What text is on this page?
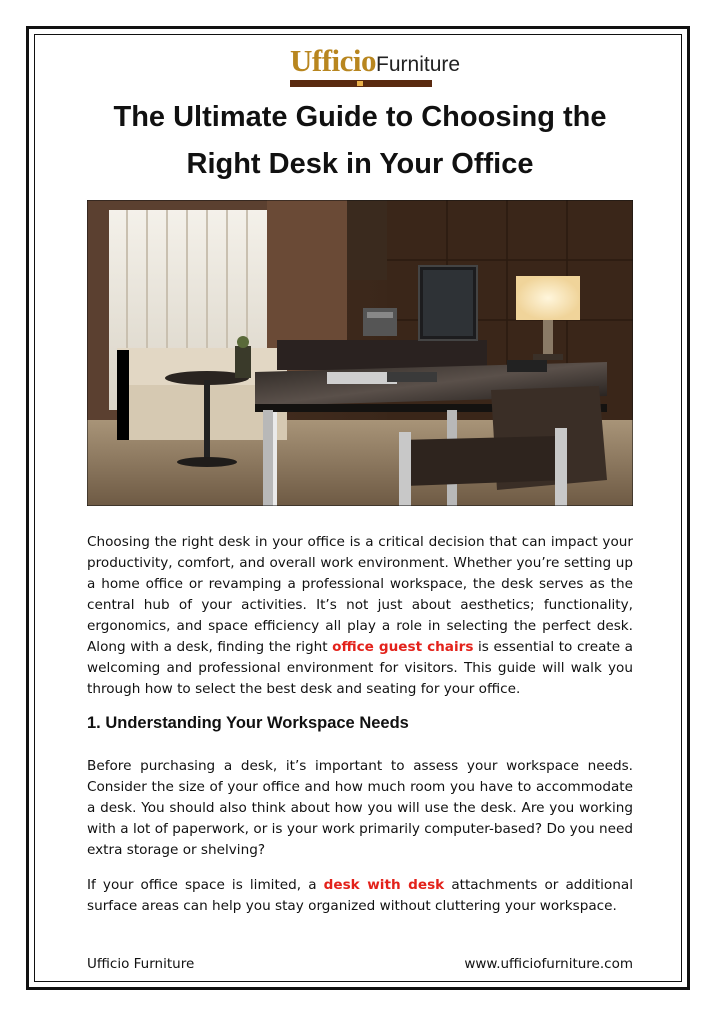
UfficioFurniture
The Ultimate Guide to Choosing the
Right Desk in Your Office
Choosing the right desk in your office is a critical decision that can impact your productivity, comfort, and overall work environment. Whether you’re setting up a home office or revamping a professional workspace, the desk serves as the central hub of your activities. It’s not just about aesthetics; functionality, ergonomics, and space efficiency all play a role in selecting the perfect desk. Along with a desk, finding the right office guest chairs is essential to create a welcoming and professional environment for visitors. This guide will walk you through how to select the best desk and seating for your office.
1. Understanding Your Workspace Needs
Before purchasing a desk, it’s important to assess your workspace needs. Consider the size of your office and how much room you have to accommodate a desk. You should also think about how you will use the desk. Are you working with a lot of paperwork, or is your work primarily computer-based? Do you need extra storage or shelving?
If your office space is limited, a desk with desk attachments or additional surface areas can help you stay organized without cluttering your workspace.
Ufficio Furniture	www.ufficiofurniture.com
